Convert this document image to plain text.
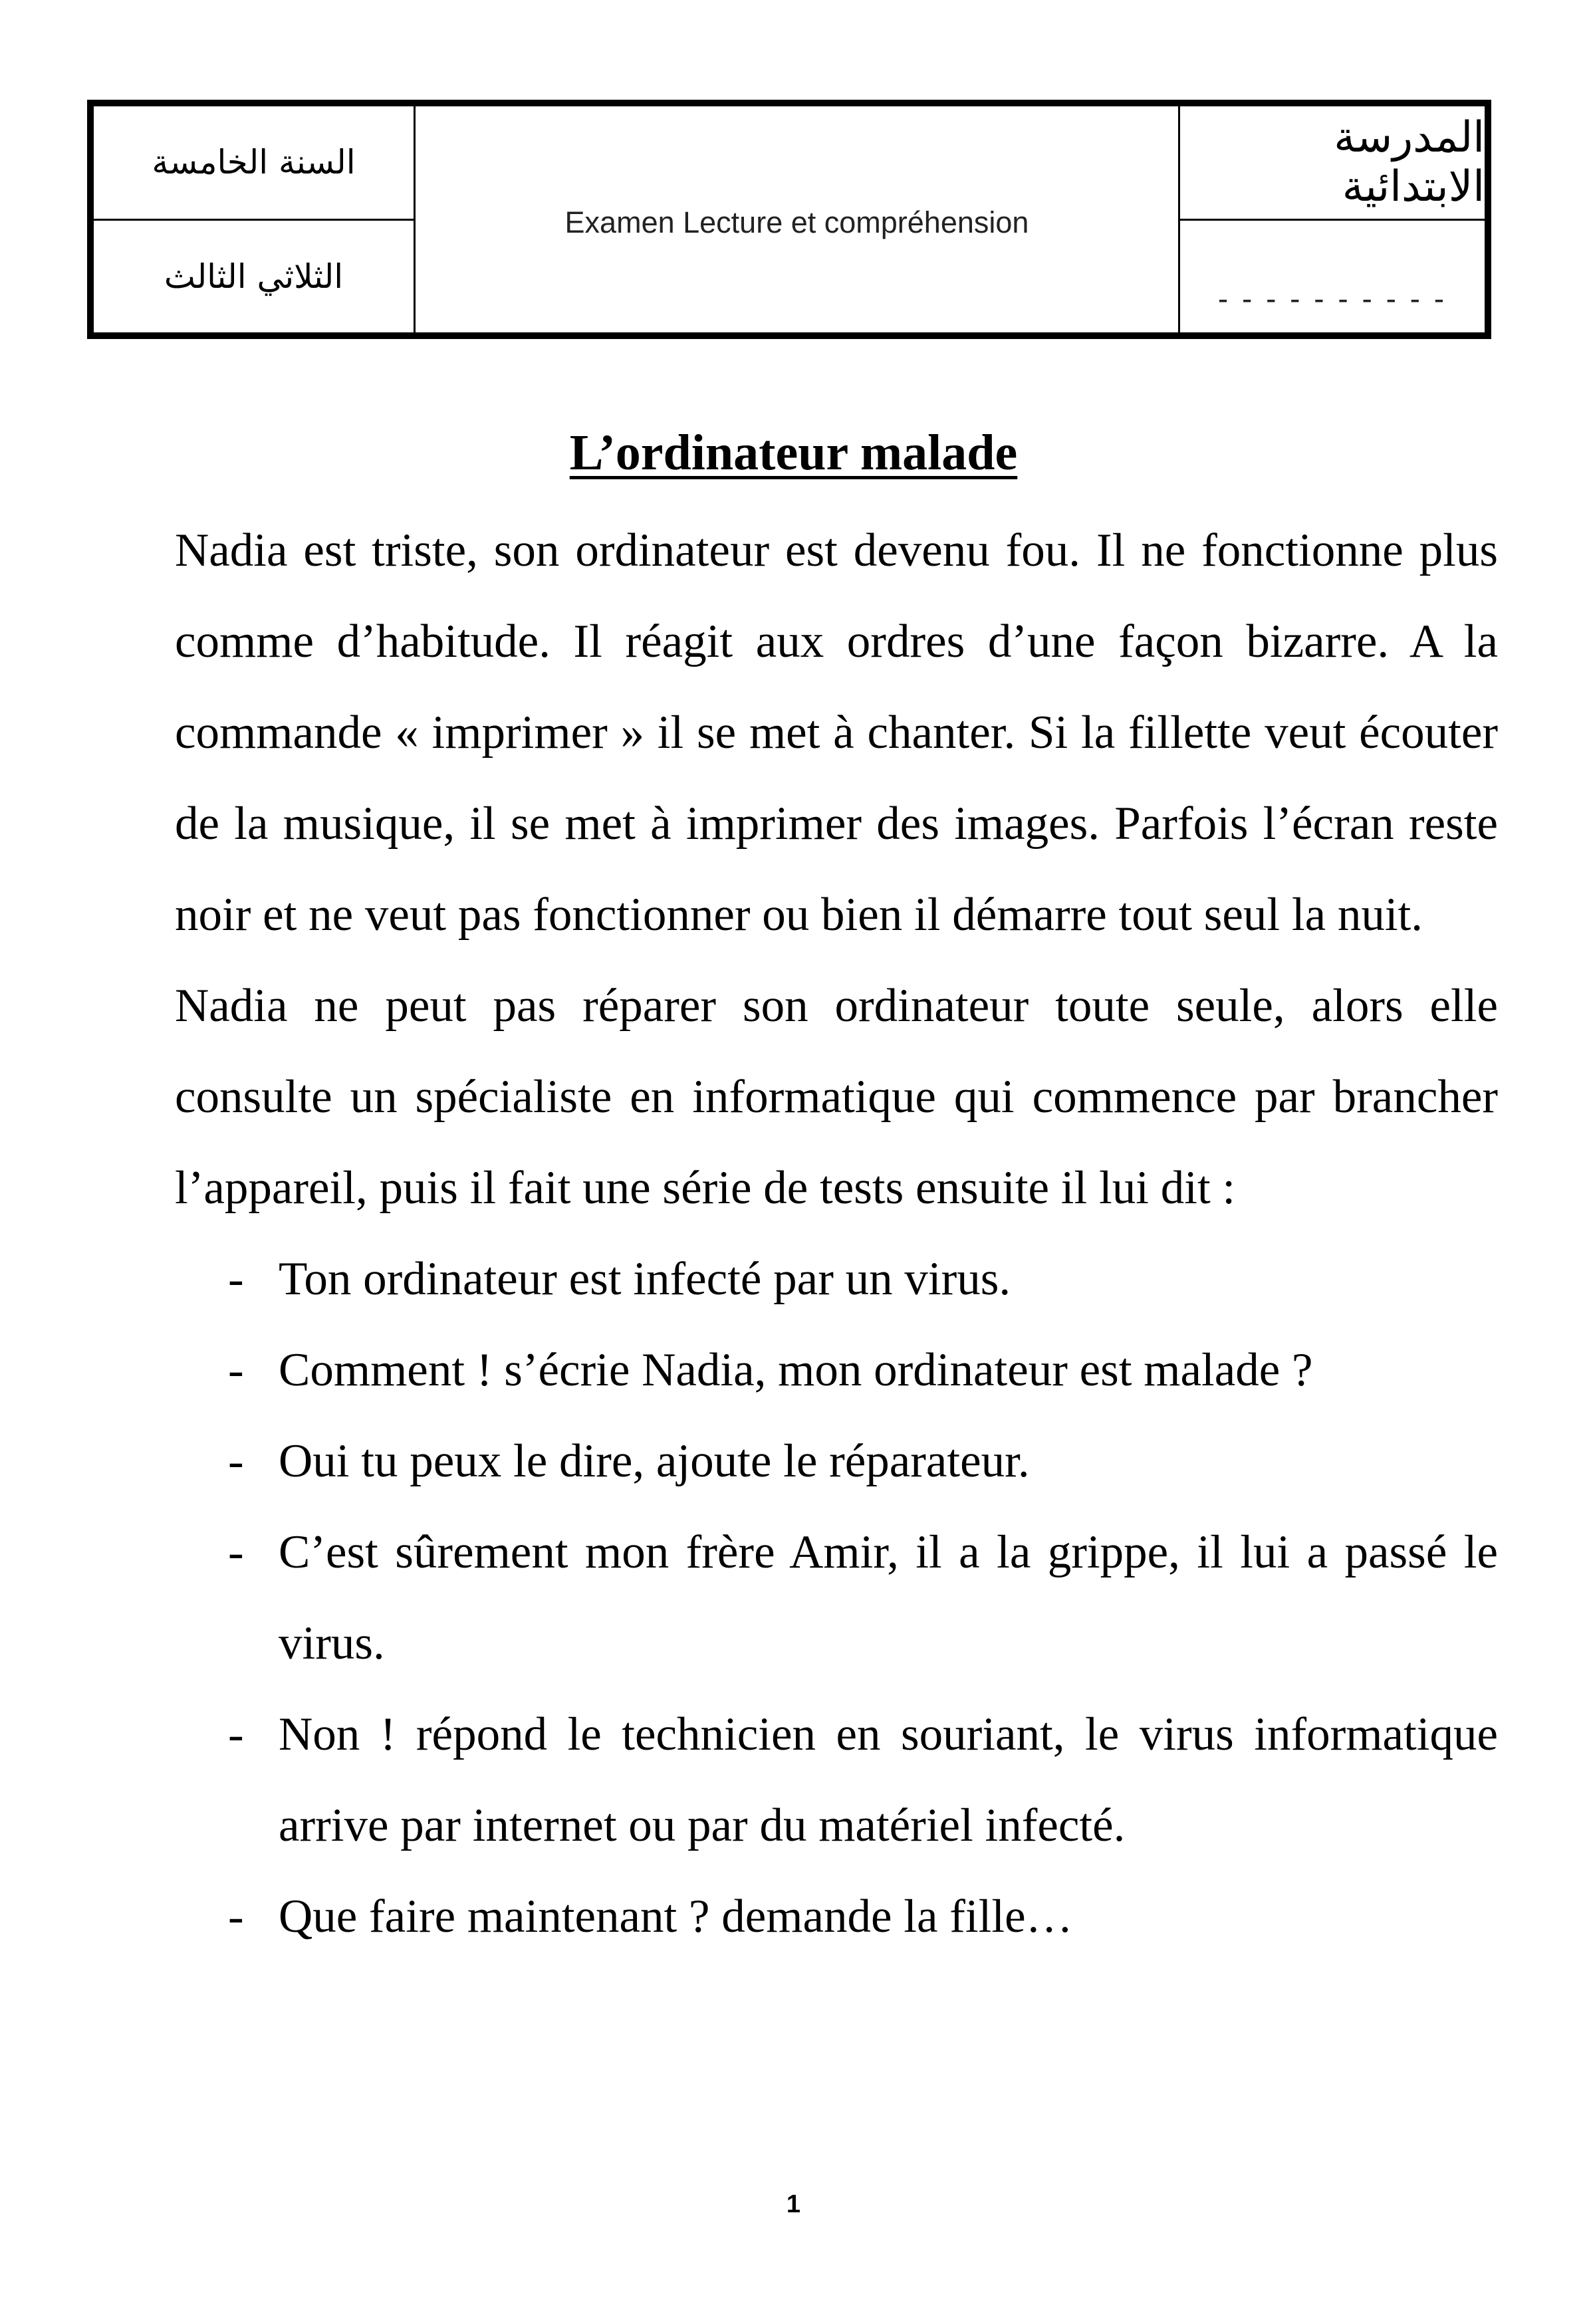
السنة الخامسة
الثلاثي الثالث
Examen Lecture et compréhension
المدرسة الابتدائية
- - - - - - - - - -
L’ordinateur malade

Nadia est triste, son ordinateur est devenu fou. Il ne fonctionne plus comme d’habitude. Il réagit aux ordres d’une façon bizarre. A la commande « imprimer » il se met à chanter. Si la fillette veut écouter de la musique, il se met à imprimer des images. Parfois l’écran reste noir et ne veut pas fonctionner ou bien il démarre tout seul la nuit.

Nadia ne peut pas réparer son ordinateur toute seule, alors elle consulte un spécialiste en informatique qui commence par brancher l’appareil, puis il fait une série de tests ensuite il lui dit :

- Ton ordinateur est infecté par un virus.
- Comment ! s’écrie Nadia, mon ordinateur est malade ?
- Oui tu peux le dire, ajoute le réparateur.
- C’est sûrement mon frère Amir, il a la grippe, il lui a passé le virus.
- Non ! répond le technicien en souriant, le virus informatique arrive par internet ou par du matériel infecté.
- Que faire maintenant ? demande la fille…
1
